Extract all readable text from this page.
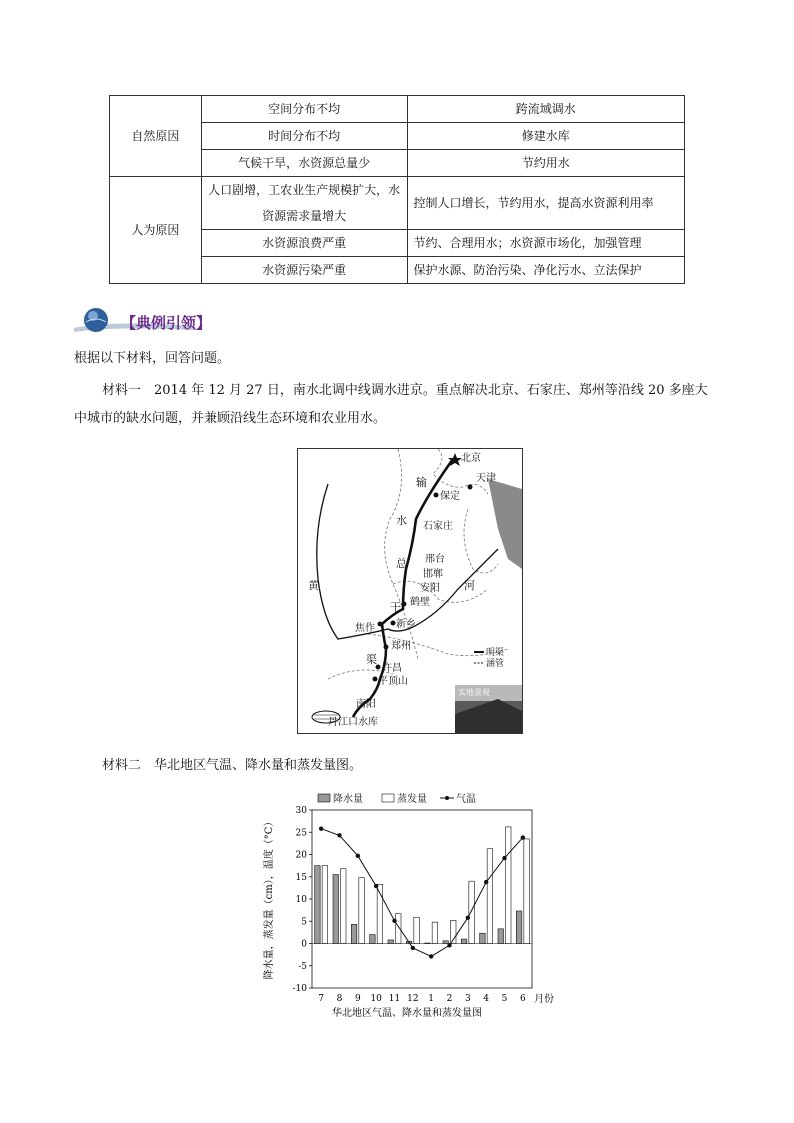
自然原因	空间分布不均	跨流域调水
	时间分布不均	修建水库
	气候干旱，水资源总量少	节约用水
人为原因	人口剧增，工农业生产规模扩大，水资源需求量增大	控制人口增长，节约用水，提高水资源利用率
	水资源浪费严重	节约、合理用水；水资源市场化，加强管理
	水资源污染严重	保护水源、防治污染、净化污水、立法保护
【典例引领】
根据以下材料，回答问题。
材料一　2014 年 12 月 27 日，南水北调中线调水进京。重点解决北京、石家庄、郑州等沿线 20 多座大
中城市的缺水问题，并兼顾沿线生态环境和农业用水。
北京
天津
保定
石家庄
邢台
邯郸
安阳
鹤壁
新乡
焦作
郑州
许昌
平顶山
南阳
丹江口水库
输
水
总
干
渠
黄	河
明渠
涵管
实地景观
材料二　华北地区气温、降水量和蒸发量图。
降水量	蒸发量	气温
降水量，蒸发量（cm），温度（°C）
-10
-5
0
5
10
15
20
25
30
7 8 9 10 11 12 1 2 3 4 5 6 月份
华北地区气温、降水量和蒸发量图
